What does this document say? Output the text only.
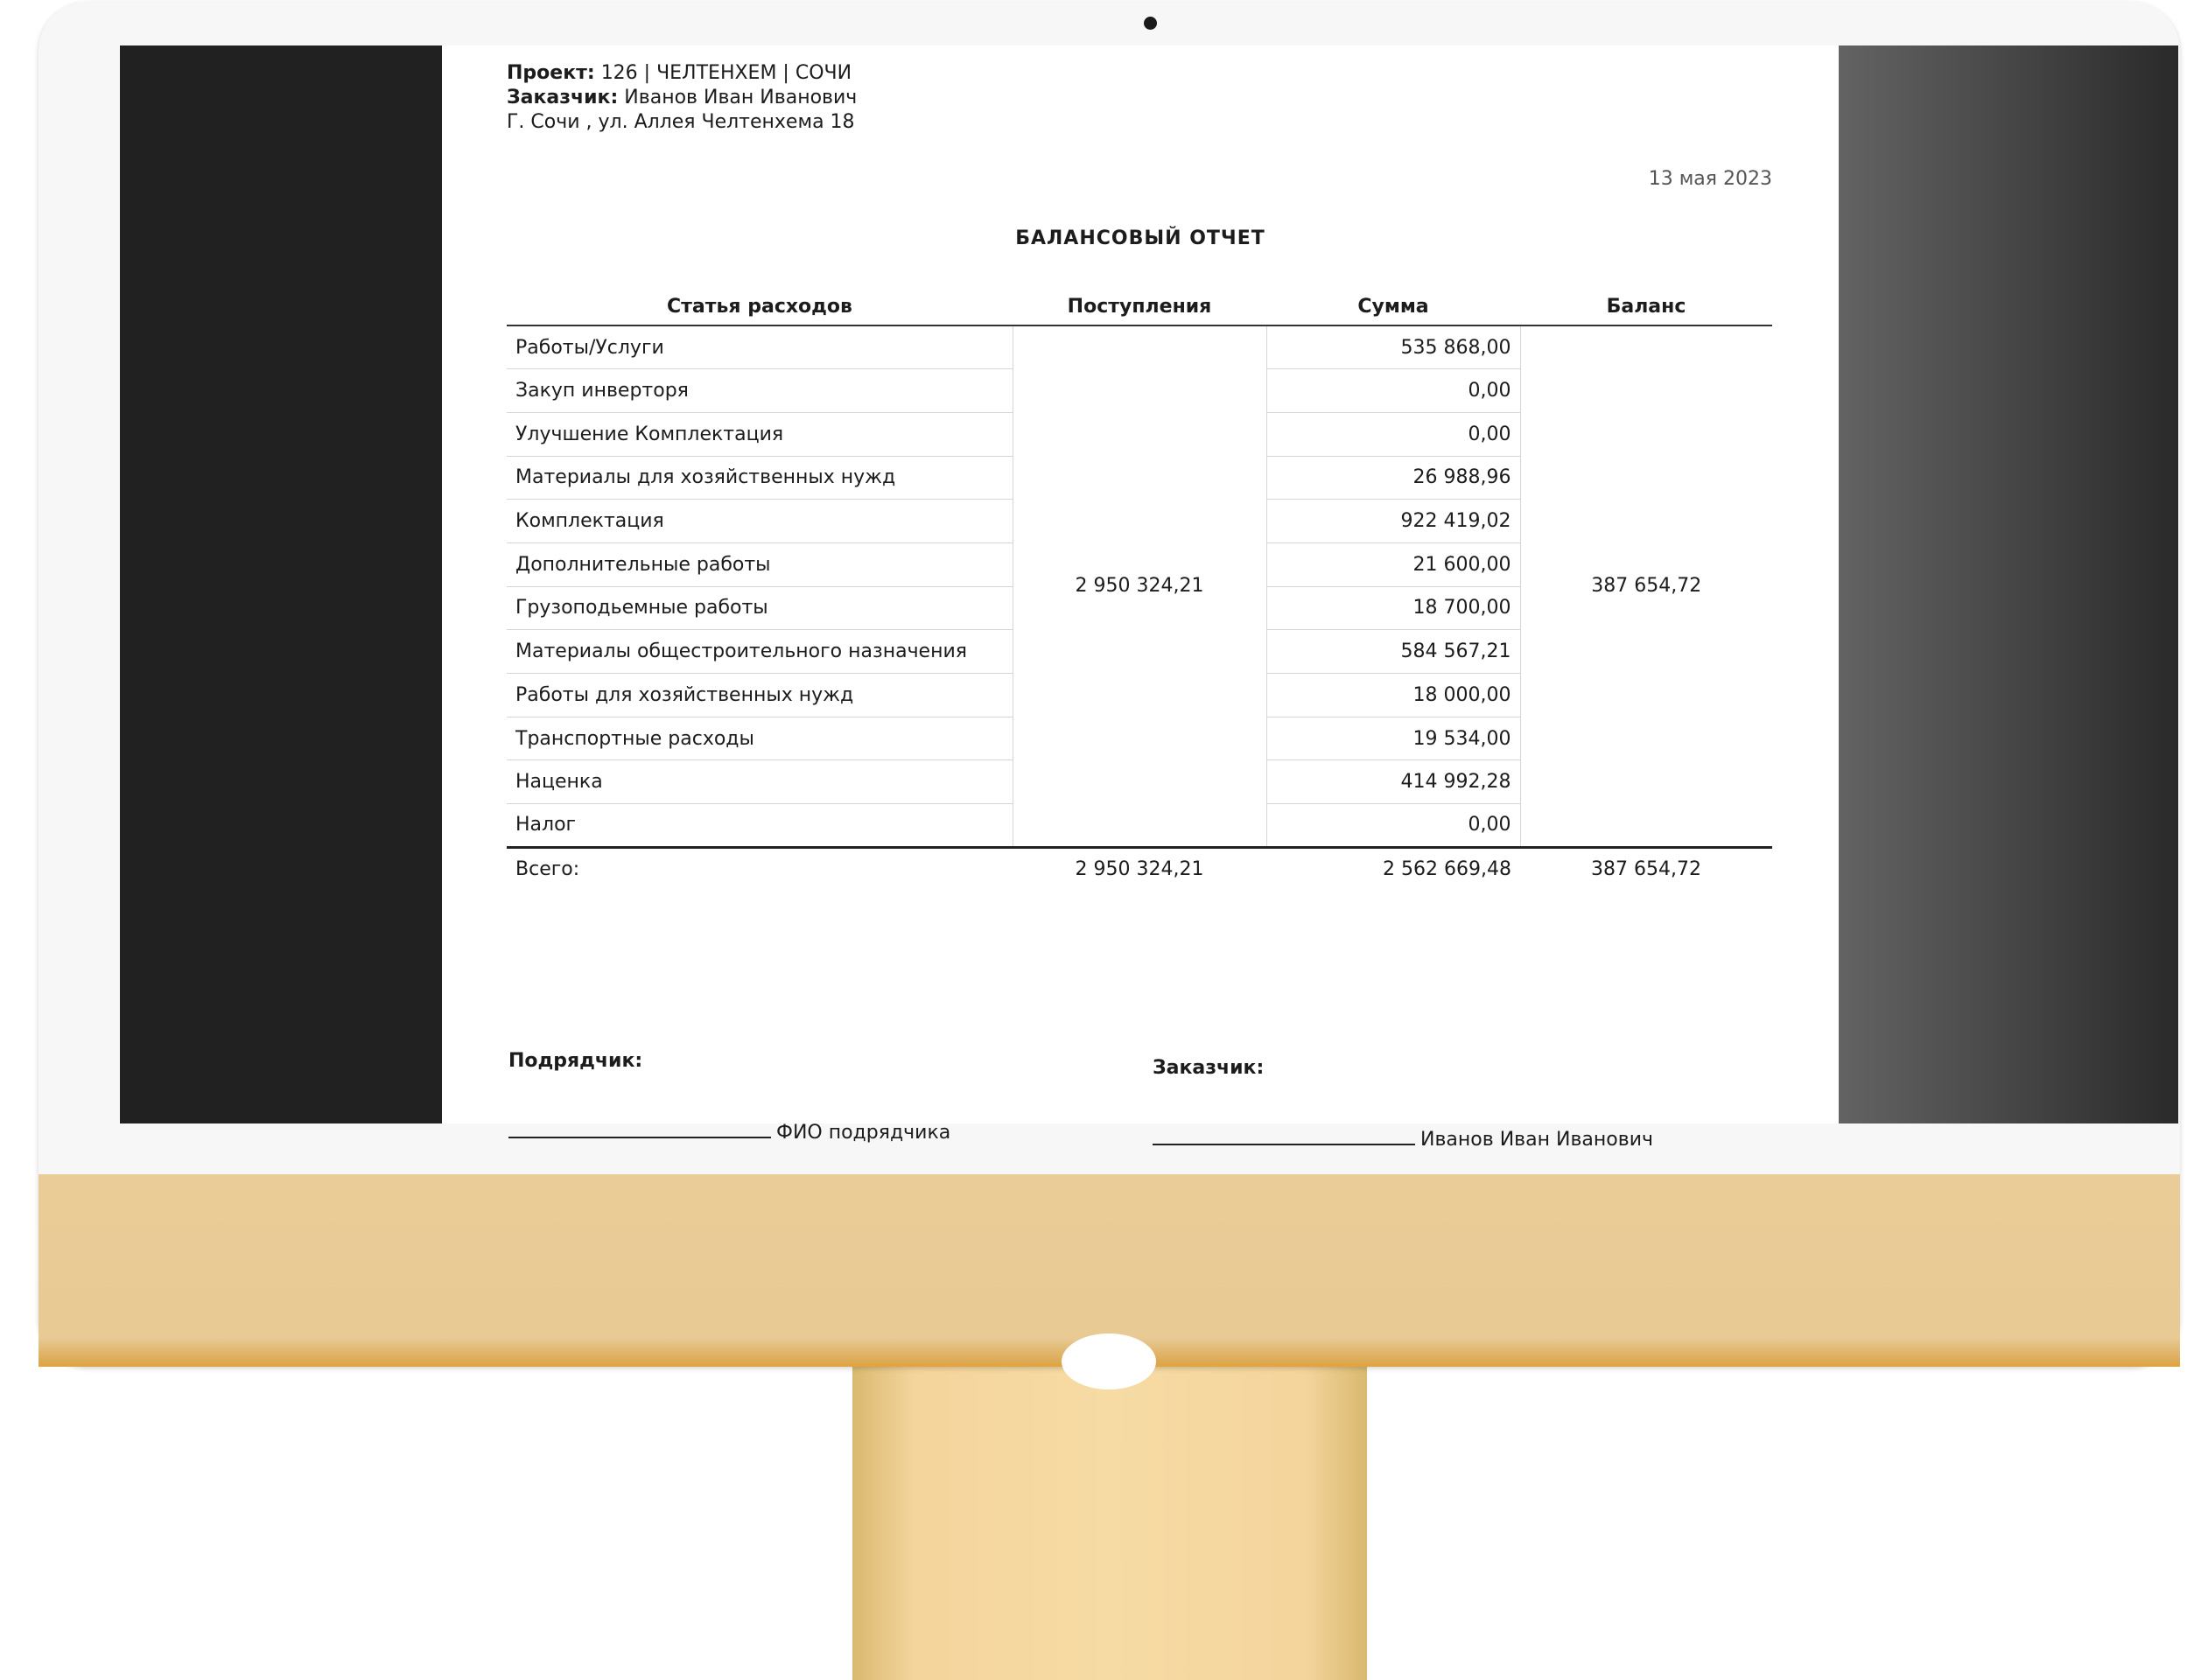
Проект: 126 | ЧЕЛТЕНХЕМ | СОЧИ
Заказчик: Иванов Иван Иванович
Г. Сочи , ул. Аллея Челтенхема 18
13 мая 2023
БАЛАНСОВЫЙ ОТЧЕТ
Статья расходов	Поступления	Сумма	Баланс
Работы/Услуги	2 950 324,21	535 868,00	387 654,72
Закуп инверторя		0,00	
Улучшение Комплектация		0,00	
Материалы для хозяйственных нужд		26 988,96	
Комплектация		922 419,02	
Дополнительные работы		21 600,00	
Грузоподьемные работы		18 700,00	
Материалы общестроительного назначения		584 567,21	
Работы для хозяйственных нужд		18 000,00	
Транспортные расходы		19 534,00	
Наценка		414 992,28	
Налог		0,00	
Всего:	2 950 324,21	2 562 669,48	387 654,72
Подрядчик:
ФИО подрядчика
Заказчик:
Иванов Иван Иванович
